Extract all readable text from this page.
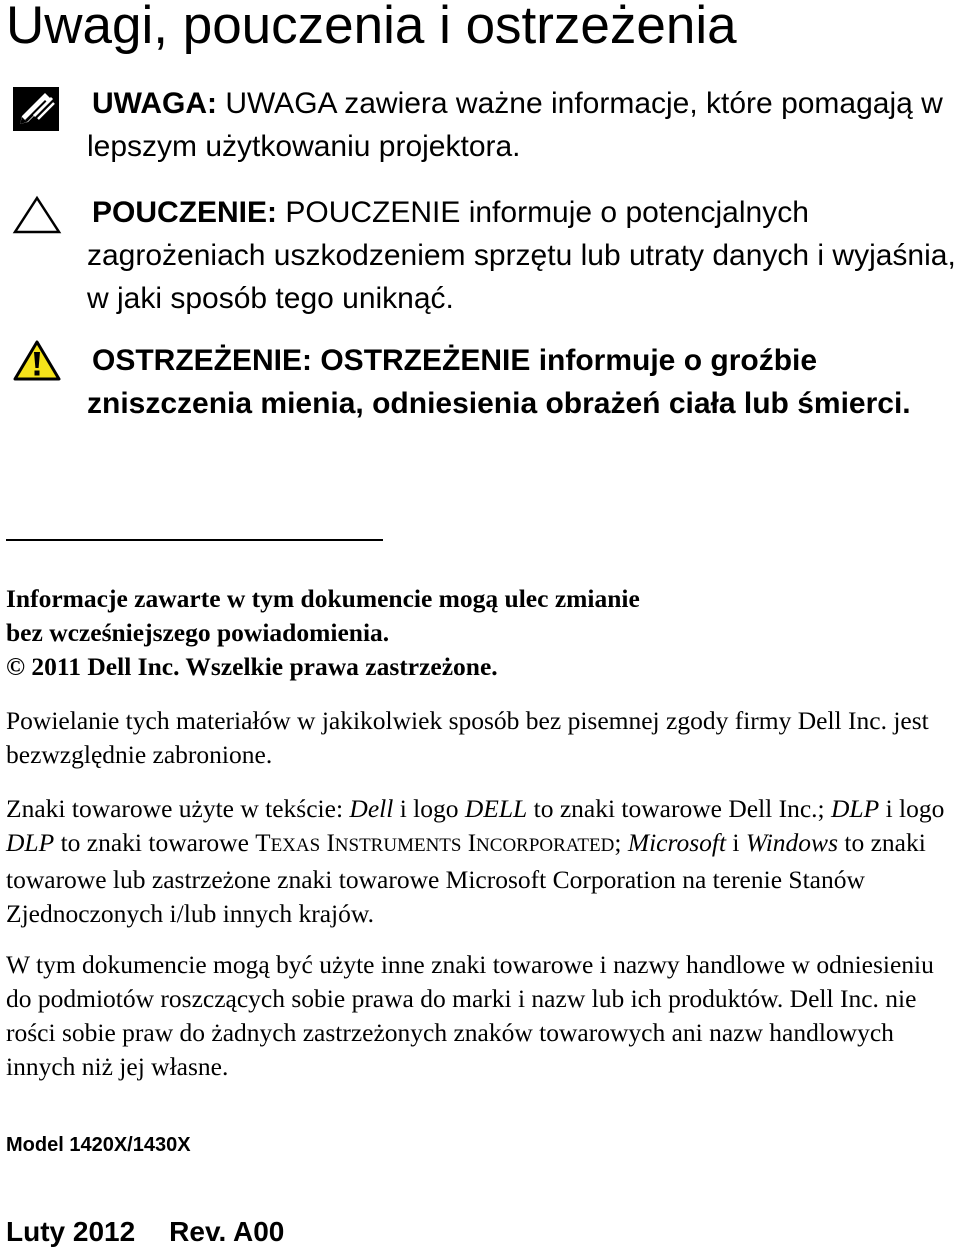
Uwagi, pouczenia i ostrzeżenia
UWAGA: UWAGA zawiera ważne informacje, które pomagają w lepszym użytkowaniu projektora.
POUCZENIE: POUCZENIE informuje o potencjalnych zagrożeniach uszkodzeniem sprzętu lub utraty danych i wyjaśnia, w jaki sposób tego uniknąć.
OSTRZEŻENIE: OSTRZEŻENIE informuje o groźbie zniszczenia mienia, odniesienia obrażeń ciała lub śmierci.

Informacje zawarte w tym dokumencie mogą ulec zmianie
bez wcześniejszego powiadomienia.
© 2011 Dell Inc. Wszelkie prawa zastrzeżone.

Powielanie tych materiałów w jakikolwiek sposób bez pisemnej zgody firmy Dell Inc. jest bezwzględnie zabronione.

Znaki towarowe użyte w tekście: Dell i logo DELL to znaki towarowe Dell Inc.; DLP i logo DLP to znaki towarowe TEXAS INSTRUMENTS INCORPORATED; Microsoft i Windows to znaki towarowe lub zastrzeżone znaki towarowe Microsoft Corporation na terenie Stanów Zjednoczonych i/lub innych krajów.

W tym dokumencie mogą być użyte inne znaki towarowe i nazwy handlowe w odniesieniu do podmiotów roszczących sobie prawa do marki i nazw lub ich produktów. Dell Inc. nie rości sobie praw do żadnych zastrzeżonych znaków towarowych ani nazw handlowych innych niż jej własne.

Model 1420X/1430X
Luty 2012 Rev. A00
